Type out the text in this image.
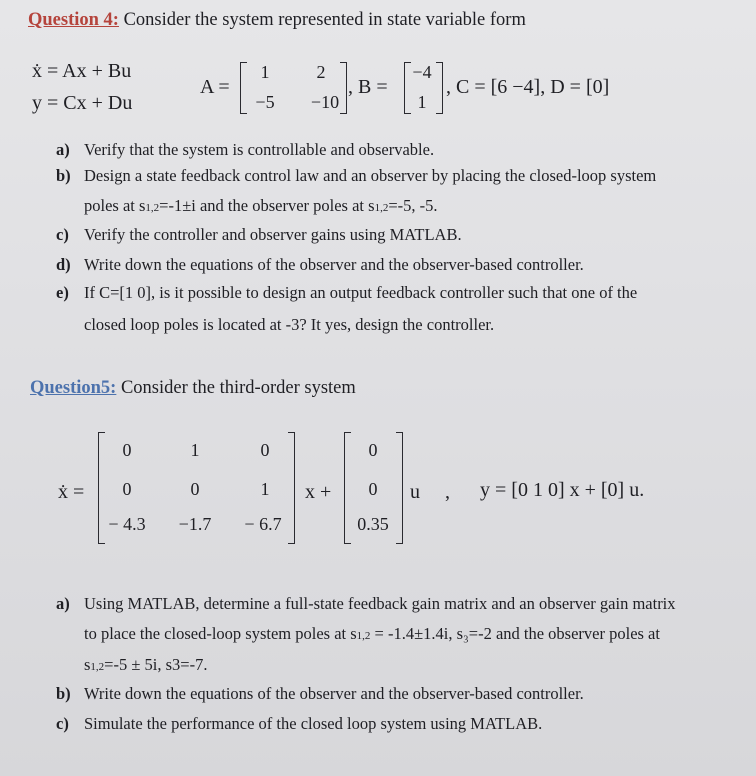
Question 4: Consider the system represented in state variable form
ẋ = Ax + Bu
y = Cx + Du
A =
1	2
−5	−10
, B =
−4
1
, C = [6 −4], D = [0]
a) Verify that the system is controllable and observable.
b) Design a state feedback control law and an observer by placing the closed-loop system
poles at s1,2=-1±i and the observer poles at s1,2=-5, -5.
c) Verify the controller and observer gains using MATLAB.
d) Write down the equations of the observer and the observer-based controller.
e) If C=[1 0], is it possible to design an output feedback controller such that one of the
closed loop poles is located at -3? It yes, design the controller.
Question5: Consider the third-order system
ẋ =
0	1	0
0	0	1
− 4.3	−1.7	− 6.7
x +
0
0
0.35
u , y = [0 1 0] x + [0] u.
a) Using MATLAB, determine a full-state feedback gain matrix and an observer gain matrix
to place the closed-loop system poles at s1,2 = -1.4±1.4i, s₃=-2 and the observer poles at
s1,2=-5 ± 5i, s3=-7.
b) Write down the equations of the observer and the observer-based controller.
c) Simulate the performance of the closed loop system using MATLAB.
